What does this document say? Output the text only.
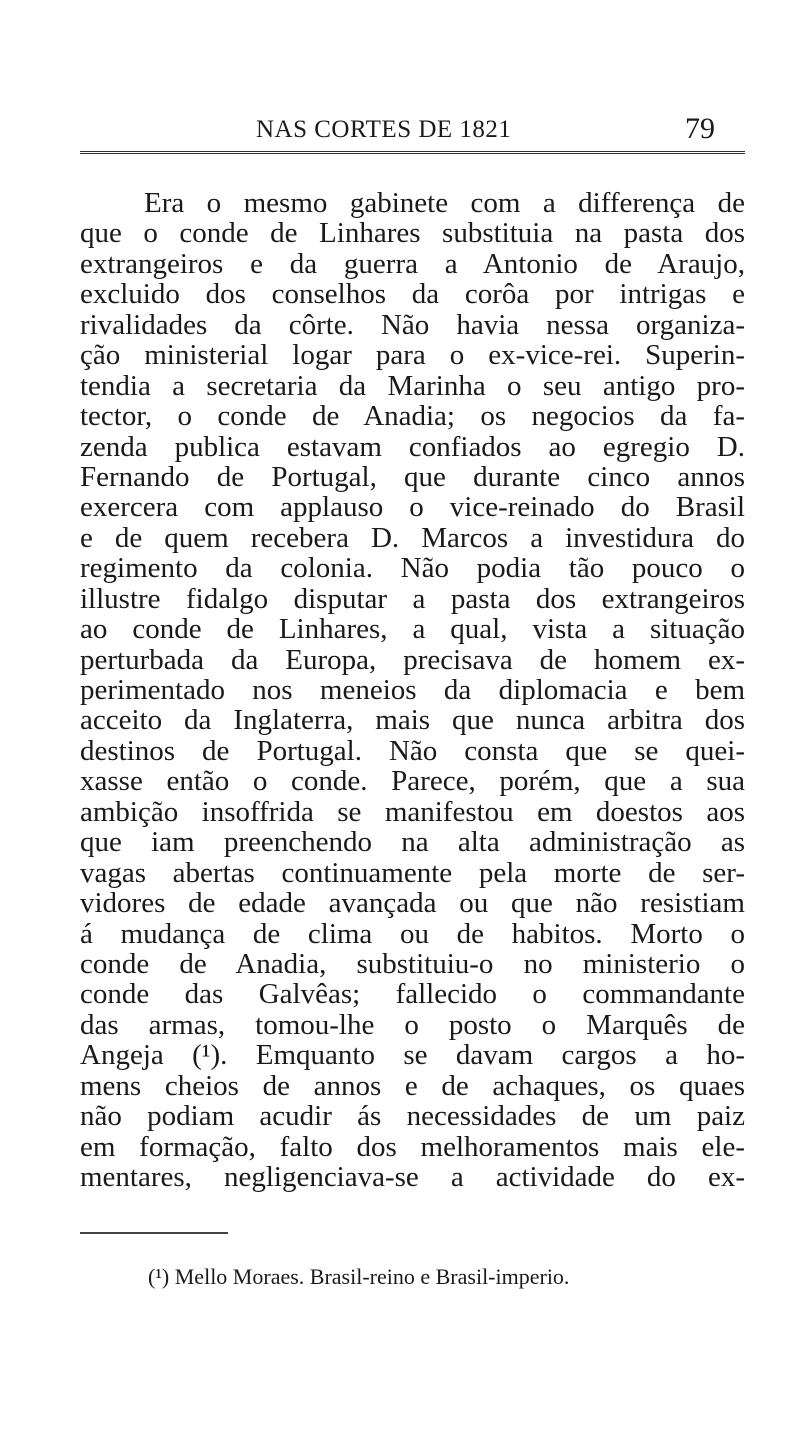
NAS CORTES DE 1821	79
Era o mesmo gabinete com a differença de
que o conde de Linhares substituia na pasta dos
extrangeiros e da guerra a Antonio de Araujo,
excluido dos conselhos da corôa por intrigas e
rivalidades da côrte. Não havia nessa organiza-
ção ministerial logar para o ex-vice-rei. Superin-
tendia a secretaria da Marinha o seu antigo pro-
tector, o conde de Anadia; os negocios da fa-
zenda publica estavam confiados ao egregio D.
Fernando de Portugal, que durante cinco annos
exercera com applauso o vice-reinado do Brasil
e de quem recebera D. Marcos a investidura do
regimento da colonia. Não podia tão pouco o
illustre fidalgo disputar a pasta dos extrangeiros
ao conde de Linhares, a qual, vista a situação
perturbada da Europa, precisava de homem ex-
perimentado nos meneios da diplomacia e bem
acceito da Inglaterra, mais que nunca arbitra dos
destinos de Portugal. Não consta que se quei-
xasse então o conde. Parece, porém, que a sua
ambição insoffrida se manifestou em doestos aos
que iam preenchendo na alta administração as
vagas abertas continuamente pela morte de ser-
vidores de edade avançada ou que não resistiam
á mudança de clima ou de habitos. Morto o
conde de Anadia, substituiu-o no ministerio o
conde das Galvêas; fallecido o commandante
das armas, tomou-lhe o posto o Marquês de
Angeja (¹). Emquanto se davam cargos a ho-
mens cheios de annos e de achaques, os quaes
não podiam acudir ás necessidades de um paiz
em formação, falto dos melhoramentos mais ele-
mentares, negligenciava-se a actividade do ex-
(¹) Mello Moraes. Brasil-reino e Brasil-imperio.
